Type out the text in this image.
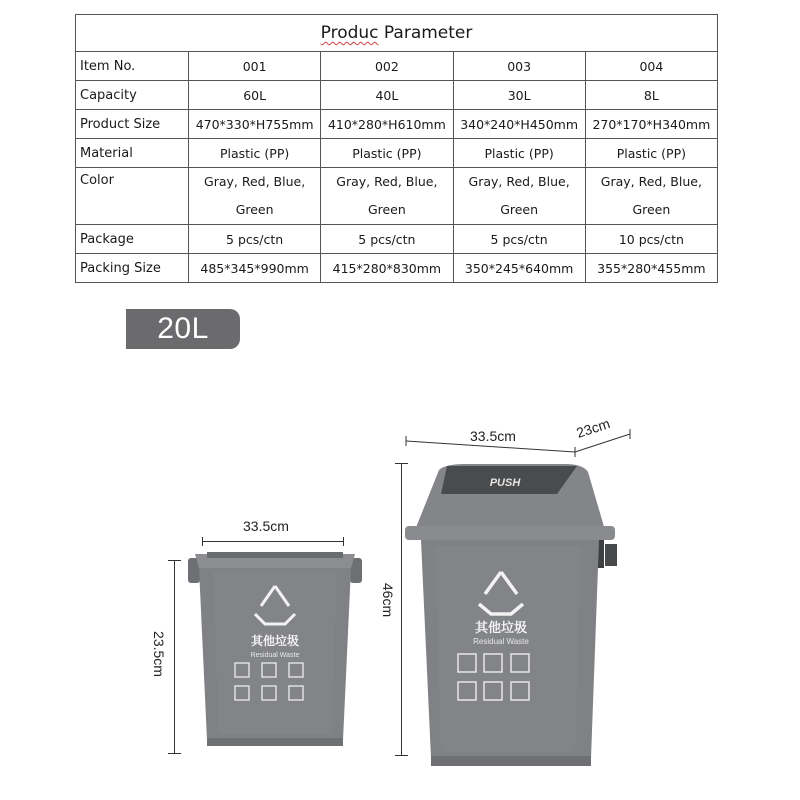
Produc Parameter				
Item No.	001	002	003	004
Capacity	60L	40L	30L	8L
Product Size	470*330*H755mm	410*280*H610mm	340*240*H450mm	270*170*H340mm
Material	Plastic (PP)	Plastic (PP)	Plastic (PP)	Plastic (PP)
Color	Gray, Red, Blue, Green	Gray, Red, Blue, Green	Gray, Red, Blue, Green	Gray, Red, Blue, Green
Package	5 pcs/ctn	5 pcs/ctn	5 pcs/ctn	10 pcs/ctn
Packing Size	485*345*990mm	415*280*830mm	350*245*640mm	355*280*455mm
20L
33.5cm
23.5cm	其他垃圾
Residual Waste
33.5cm	23cm
46cm
PUSH
其他垃圾
Residual Waste
